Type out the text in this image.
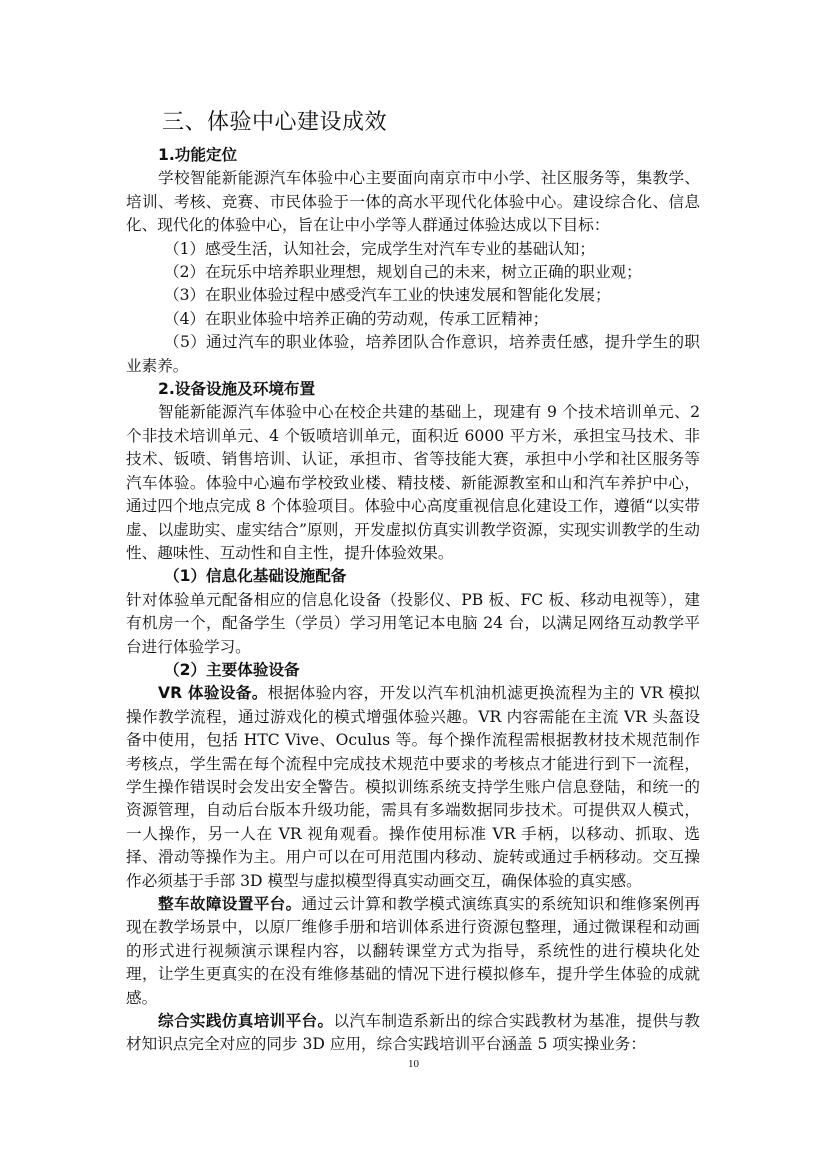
三、体验中心建设成效

1.功能定位

学校智能新能源汽车体验中心主要面向南京市中小学、社区服务等，集教学、培训、考核、竞赛、市民体验于一体的高水平现代化体验中心。建设综合化、信息化、现代化的体验中心，旨在让中小学等人群通过体验达成以下目标：

（1）感受生活，认知社会，完成学生对汽车专业的基础认知；

（2）在玩乐中培养职业理想，规划自己的未来，树立正确的职业观；

（3）在职业体验过程中感受汽车工业的快速发展和智能化发展；

（4）在职业体验中培养正确的劳动观，传承工匠精神；

（5）通过汽车的职业体验，培养团队合作意识，培养责任感，提升学生的职业素养。

2.设备设施及环境布置

智能新能源汽车体验中心在校企共建的基础上，现建有 9 个技术培训单元、2 个非技术培训单元、4 个钣喷培训单元，面积近 6000 平方米，承担宝马技术、非技术、钣喷、销售培训、认证，承担市、省等技能大赛，承担中小学和社区服务等汽车体验。体验中心遍布学校致业楼、精技楼、新能源教室和山和汽车养护中心，通过四个地点完成 8 个体验项目。体验中心高度重视信息化建设工作，遵循“以实带虚、以虚助实、虚实结合”原则，开发虚拟仿真实训教学资源，实现实训教学的生动性、趣味性、互动性和自主性，提升体验效果。

（1）信息化基础设施配备

针对体验单元配备相应的信息化设备（投影仪、PB 板、FC 板、移动电视等），建有机房一个，配备学生（学员）学习用笔记本电脑 24 台，以满足网络互动教学平台进行体验学习。

（2）主要体验设备

VR 体验设备。根据体验内容，开发以汽车机油机滤更换流程为主的 VR 模拟操作教学流程，通过游戏化的模式增强体验兴趣。VR 内容需能在主流 VR 头盔设备中使用，包括 HTC Vive、Oculus 等。每个操作流程需根据教材技术规范制作考核点，学生需在每个流程中完成技术规范中要求的考核点才能进行到下一流程，学生操作错误时会发出安全警告。模拟训练系统支持学生账户信息登陆，和统一的资源管理，自动后台版本升级功能，需具有多端数据同步技术。可提供双人模式，一人操作，另一人在 VR 视角观看。操作使用标准 VR 手柄，以移动、抓取、选择、滑动等操作为主。用户可以在可用范围内移动、旋转或通过手柄移动。交互操作必须基于手部 3D 模型与虚拟模型得真实动画交互，确保体验的真实感。

整车故障设置平台。通过云计算和教学模式演练真实的系统知识和维修案例再现在教学场景中，以原厂维修手册和培训体系进行资源包整理，通过微课程和动画的形式进行视频演示课程内容，以翻转课堂方式为指导，系统性的进行模块化处理，让学生更真实的在没有维修基础的情况下进行模拟修车，提升学生体验的成就感。

综合实践仿真培训平台。以汽车制造系新出的综合实践教材为基准，提供与教材知识点完全对应的同步 3D 应用，综合实践培训平台涵盖 5 项实操业务：

10
